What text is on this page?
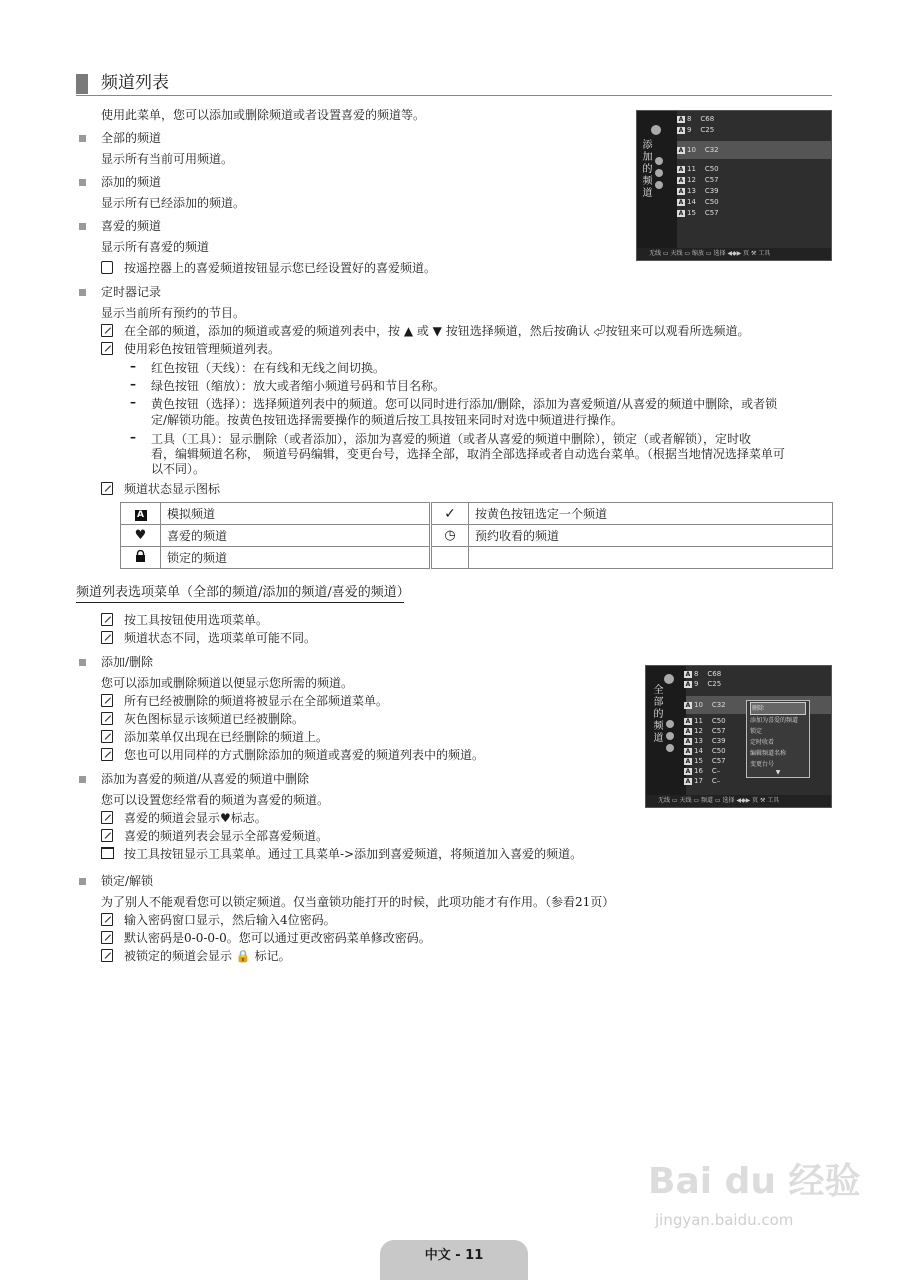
频道列表
使用此菜单，您可以添加或删除频道或者设置喜爱的频道等。
全部的频道
显示所有当前可用频道。
添加的频道
显示所有已经添加的频道。
喜爱的频道
显示所有喜爱的频道
按遥控器上的喜爱频道按钮显示您已经设置好的喜爱频道。
定时器记录
显示当前所有预约的节目。
在全部的频道，添加的频道或喜爱的频道列表中，按 ▲ 或 ▼ 按钮选择频道，然后按确认 ⏎按钮来可以观看所选频道。
使用彩色按钮管理频道列表。
– 红色按钮（天线）：在有线和无线之间切换。
– 绿色按钮（缩放）：放大或者缩小频道号码和节目名称。
– 黄色按钮（选择）：选择频道列表中的频道。您可以同时进行添加/删除，添加为喜爱频道/从喜爱的频道中删除，或者锁
定/解锁功能。按黄色按钮选择需要操作的频道后按工具按钮来同时对选中频道进行操作。
– 工具（工具）：显示删除（或者添加），添加为喜爱的频道（或者从喜爱的频道中删除），锁定（或者解锁），定时收
看，编辑频道名称， 频道号码编辑，变更台号，选择全部，取消全部选择或者自动选台菜单。（根据当地情况选择菜单可
以不同）。
频道状态显示图标
A	模拟频道	✓	按黄色按钮选定一个频道
♥	喜爱的频道	◷	预约收看的频道
	锁定的频道		
频道列表选项菜单（全部的频道/添加的频道/喜爱的频道）
按工具按钮使用选项菜单。
频道状态不同，选项菜单可能不同。
添加/删除
您可以添加或删除频道以便显示您所需的频道。
所有已经被删除的频道将被显示在全部频道菜单。
灰色图标显示该频道已经被删除。
添加菜单仅出现在已经删除的频道上。
您也可以用同样的方式删除添加的频道或喜爱的频道列表中的频道。
添加为喜爱的频道/从喜爱的频道中删除
您可以设置您经常看的频道为喜爱的频道。
喜爱的频道会显示♥标志。
喜爱的频道列表会显示全部喜爱频道。
按工具按钮显示工具菜单。通过工具菜单->添加到喜爱频道，将频道加入喜爱的频道。
锁定/解锁
为了别人不能观看您可以锁定频道。仅当童锁功能打开的时候，此项功能才有作用。（参看21页）
输入密码窗口显示，然后输入4位密码。
默认密码是0-0-0-0。您可以通过更改密码菜单修改密码。
被锁定的频道会显示 🔒 标记。
添加的频道
A 8 C68
A 9 C25
A 10 C32
A 11 C50
A 12 C57
A 13 C39
A 14 C50
A 15 C57
无线 ▭ 天线 ▭ 缩放 ▭ 选择 ◀◆▶ 页 ⚒ 工具
全部的频道
A 8 C68
A 9 C25
A 10 C32
A 11 C50
A 12 C57
A 13 C39
A 14 C50
A 15 C57
A 16 C–
A 17 C–
删除
添加为喜爱的频道
锁定
定时收看
编辑频道名称
变更台号
▼
无线 ▭ 天线 ▭ 频道 ▭ 选择 ◀◆▶ 页 ⚒ 工具
Bai du 经验
jingyan.baidu.com
中文 - 11
